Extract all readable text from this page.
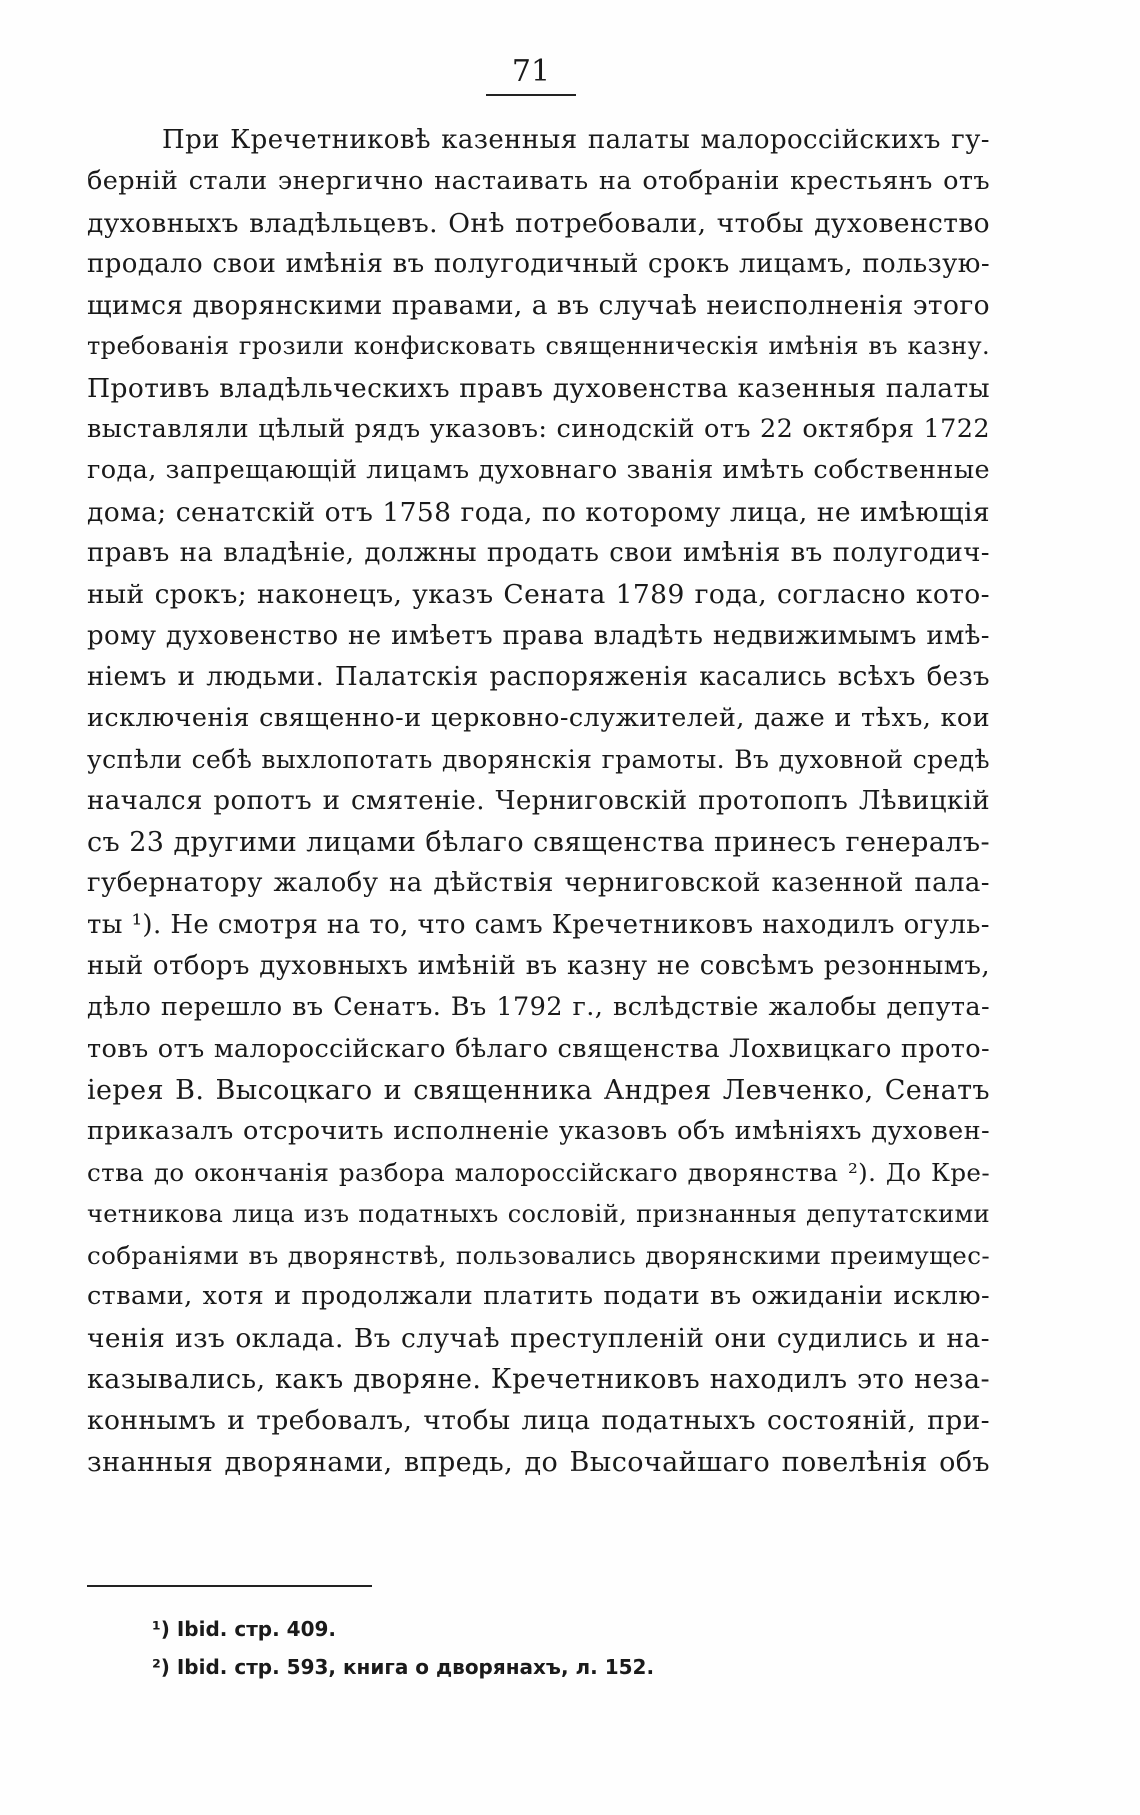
71
При Кречетниковѣ казенныя палаты малороссійскихъ гу-
берній стали энергично настаивать на отобраніи крестьянъ отъ
духовныхъ владѣльцевъ. Онѣ потребовали, чтобы духовенство
продало свои имѣнія въ полугодичный срокъ лицамъ, пользую-
щимся дворянскими правами, а въ случаѣ неисполненія этого
требованія грозили конфисковать священническія имѣнія въ казну.
Противъ владѣльческихъ правъ духовенства казенныя палаты
выставляли цѣлый рядъ указовъ: синодскій отъ 22 октября 1722
года, запрещающій лицамъ духовнаго званія имѣть собственные
дома; сенатскій отъ 1758 года, по которому лица, не имѣющія
правъ на владѣніе, должны продать свои имѣнія въ полугодич-
ный срокъ; наконецъ, указъ Сената 1789 года, согласно кото-
рому духовенство не имѣетъ права владѣть недвижимымъ имѣ-
ніемъ и людьми. Палатскія распоряженія касались всѣхъ безъ
исключенія священно-и церковно-служителей, даже и тѣхъ, кои
успѣли себѣ выхлопотать дворянскія грамоты. Въ духовной средѣ
начался ропотъ и смятеніе. Черниговскій протопопъ Лѣвицкій
съ 23 другими лицами бѣлаго священства принесъ генералъ-
губернатору жалобу на дѣйствія черниговской казенной пала-
ты ¹). Не смотря на то, что самъ Кречетниковъ находилъ огуль-
ный отборъ духовныхъ имѣній въ казну не совсѣмъ резоннымъ,
дѣло перешло въ Сенатъ. Въ 1792 г., вслѣдствіе жалобы депута-
товъ отъ малороссійскаго бѣлаго священства Лохвицкаго прото-
іерея В. Высоцкаго и священника Андрея Левченко, Сенатъ
приказалъ отсрочить исполненіе указовъ объ имѣніяхъ духовен-
ства до окончанія разбора малороссійскаго дворянства ²). До Кре-
четникова лица изъ податныхъ сословій, признанныя депутатскими
собраніями въ дворянствѣ, пользовались дворянскими преимущес-
ствами, хотя и продолжали платить подати въ ожиданіи исклю-
ченія изъ оклада. Въ случаѣ преступленій они судились и на-
казывались, какъ дворяне. Кречетниковъ находилъ это неза-
коннымъ и требовалъ, чтобы лица податныхъ состояній, при-
знанныя дворянами, впредь, до Высочайшаго повелѣнія объ
¹) Ibid. стр. 409.
²) Ibid. стр. 593, книга о дворянахъ, л. 152.
